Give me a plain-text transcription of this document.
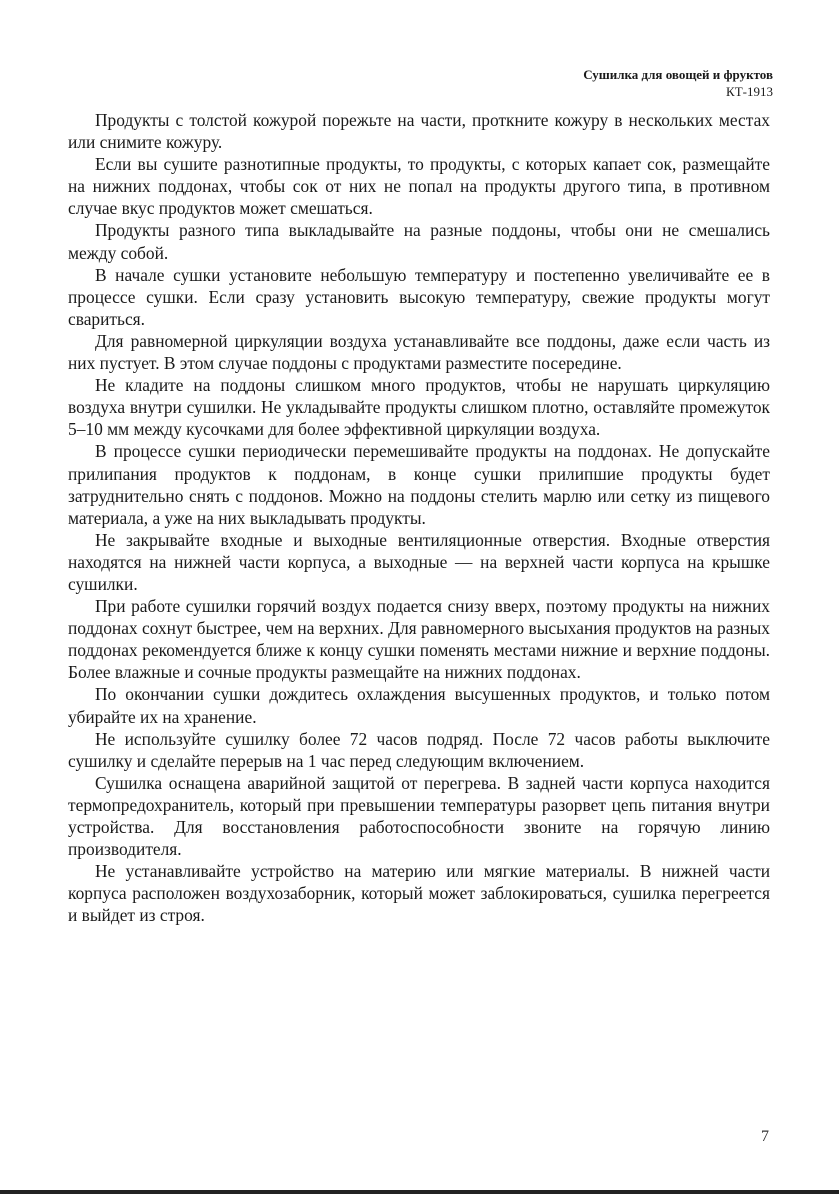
Сушилка для овощей и фруктов
КТ-1913

Продукты с толстой кожурой порежьте на части, проткните кожуру в нескольких местах или снимите кожуру.

Если вы сушите разнотипные продукты, то продукты, с которых капает сок, размещайте на нижних поддонах, чтобы сок от них не попал на продукты другого типа, в противном случае вкус продуктов может смешаться.

Продукты разного типа выкладывайте на разные поддоны, чтобы они не смешались между собой.

В начале сушки установите небольшую температуру и постепенно увеличивайте ее в процессе сушки. Если сразу установить высокую температуру, свежие продукты могут свариться.

Для равномерной циркуляции воздуха устанавливайте все поддоны, даже если часть из них пустует. В этом случае поддоны с продуктами разместите посередине.

Не кладите на поддоны слишком много продуктов, чтобы не нарушать циркуляцию воздуха внутри сушилки. Не укладывайте продукты слишком плотно, оставляйте промежуток 5–10 мм между кусочками для более эффективной циркуляции воздуха.

В процессе сушки периодически перемешивайте продукты на поддонах. Не допускайте прилипания продуктов к поддонам, в конце сушки прилипшие продукты будет затруднительно снять с поддонов. Можно на поддоны стелить марлю или сетку из пищевого материала, а уже на них выкладывать продукты.

Не закрывайте входные и выходные вентиляционные отверстия. Входные отверстия находятся на нижней части корпуса, а выходные — на верхней части корпуса на крышке сушилки.

При работе сушилки горячий воздух подается снизу вверх, поэтому продукты на нижних поддонах сохнут быстрее, чем на верхних. Для равномерного высыхания продуктов на разных поддонах рекомендуется ближе к концу сушки поменять местами нижние и верхние поддоны. Более влажные и сочные продукты размещайте на нижних поддонах.

По окончании сушки дождитесь охлаждения высушенных продуктов, и только потом убирайте их на хранение.

Не используйте сушилку более 72 часов подряд. После 72 часов работы выключите сушилку и сделайте перерыв на 1 час перед следующим включением.

Сушилка оснащена аварийной защитой от перегрева. В задней части корпуса находится термопредохранитель, который при превышении температуры разорвет цепь питания внутри устройства. Для восстановления работоспособности звоните на горячую линию производителя.

Не устанавливайте устройство на материю или мягкие материалы. В нижней части корпуса расположен воздухозаборник, который может заблокироваться, сушилка перегреется и выйдет из строя.

7
